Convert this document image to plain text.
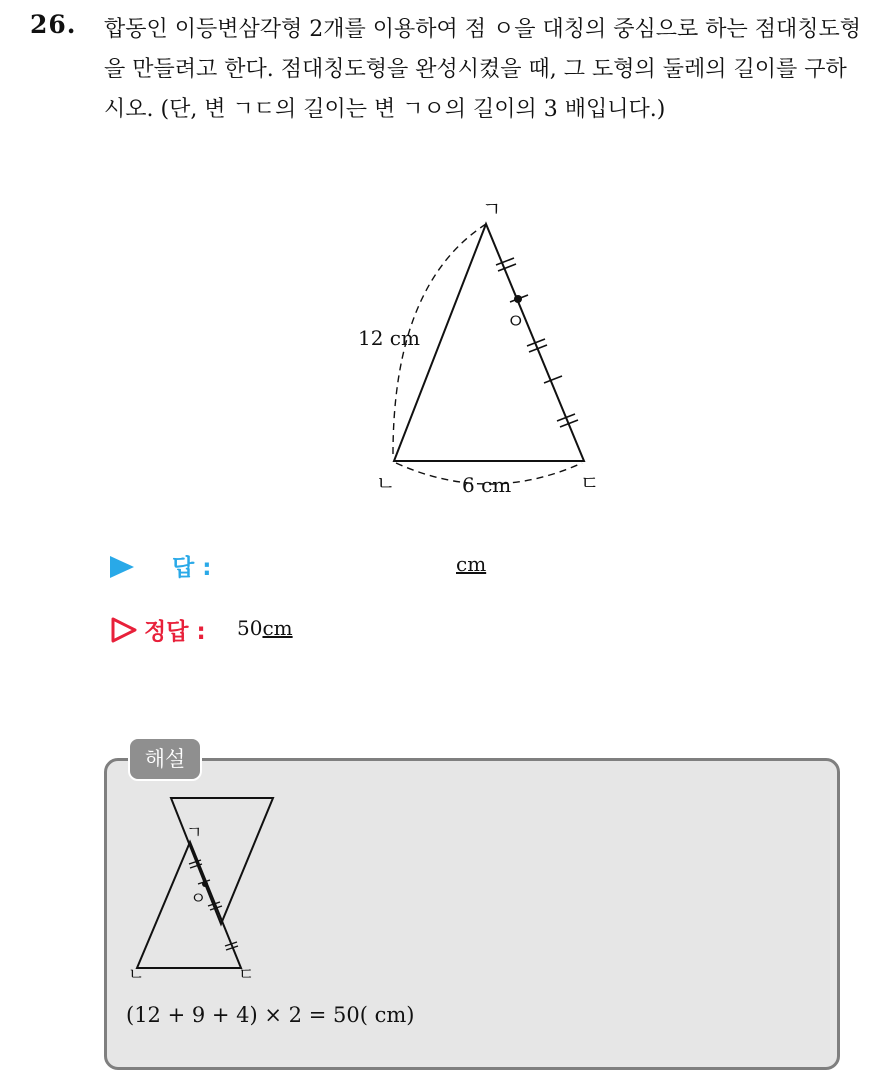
26. 합동인 이등변삼각형 2개를 이용하여 점 ㅇ을 대칭의 중심으로 하는 점대칭도형을 만들려고 한다. 점대칭도형을 완성시켰을 때, 그 도형의 둘레의 길이를 구하시오. (단, 변 ㄱㄷ의 길이는 변 ㄱㅇ의 길이의 3 배입니다.)

ㄱ
ㄴ	ㄷ
ㅇ
12 cm
6 cm
답 :	cm
정답 : 50cm
해설
ㄱ
ㄴ	ㄷ
ㅇ
(12 + 9 + 4) × 2 = 50( cm)
